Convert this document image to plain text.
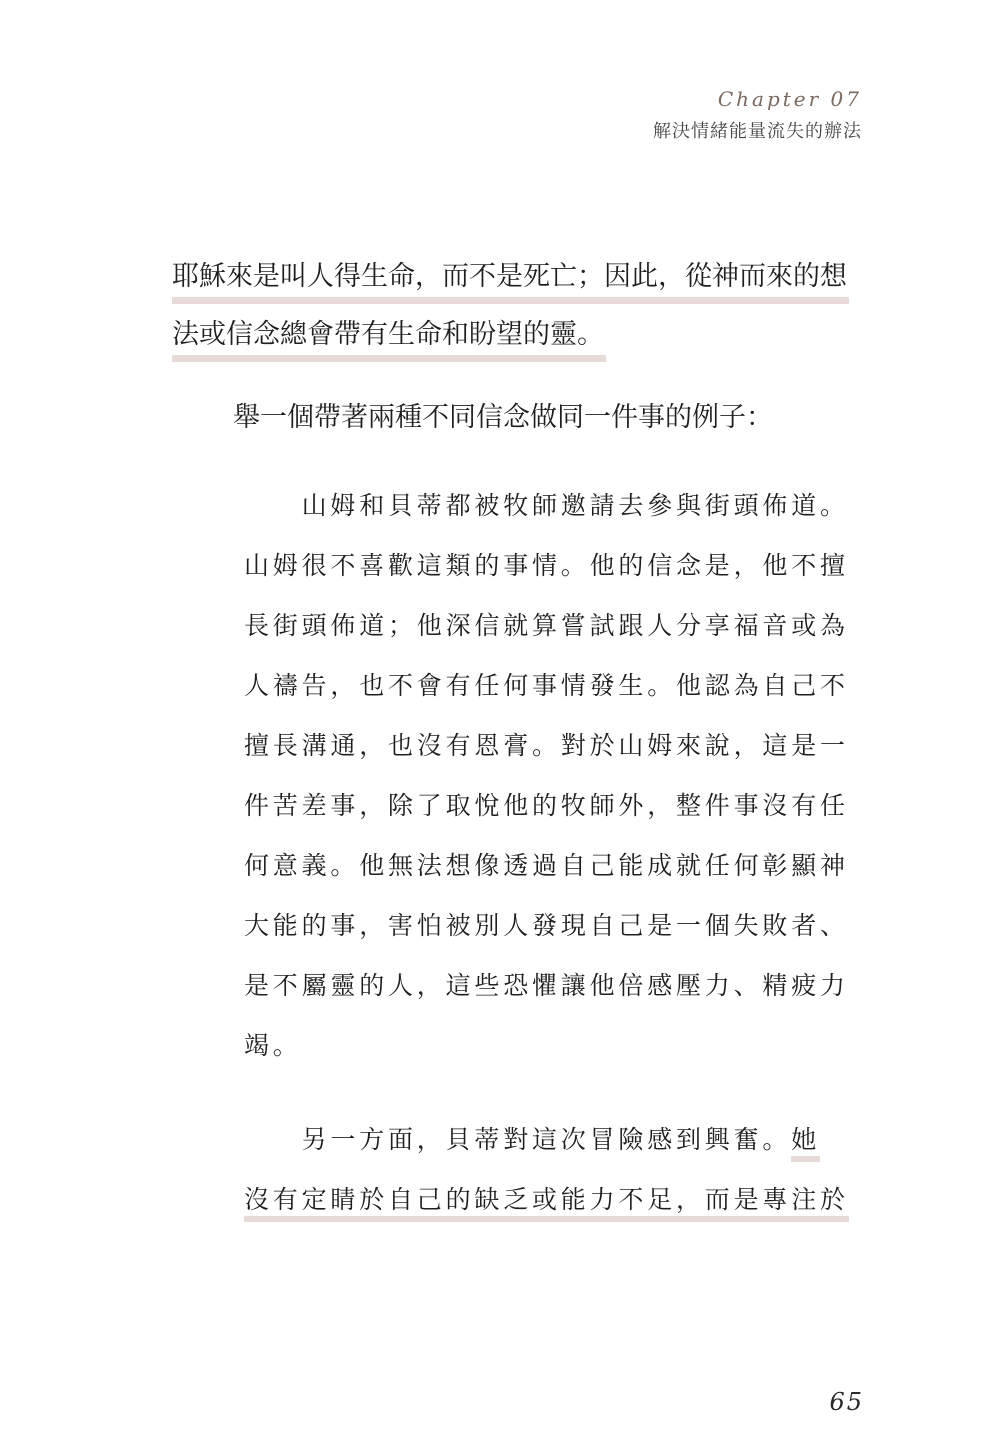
Chapter 07
解決情緒能量流失的辦法
耶穌來是叫人得生命，而不是死亡；因此，從神而來的想
法或信念總會帶有生命和盼望的靈。
舉一個帶著兩種不同信念做同一件事的例子：
　　山姆和貝蒂都被牧師邀請去參與街頭佈道。
山姆很不喜歡這類的事情。他的信念是，他不擅
長街頭佈道；他深信就算嘗試跟人分享福音或為
人禱告，也不會有任何事情發生。他認為自己不
擅長溝通，也沒有恩膏。對於山姆來說，這是一
件苦差事，除了取悅他的牧師外，整件事沒有任
何意義。他無法想像透過自己能成就任何彰顯神
大能的事，害怕被別人發現自己是一個失敗者、
是不屬靈的人，這些恐懼讓他倍感壓力、精疲力
竭。
　　另一方面，貝蒂對這次冒險感到興奮。她
沒有定睛於自己的缺乏或能力不足，而是專注於
65
